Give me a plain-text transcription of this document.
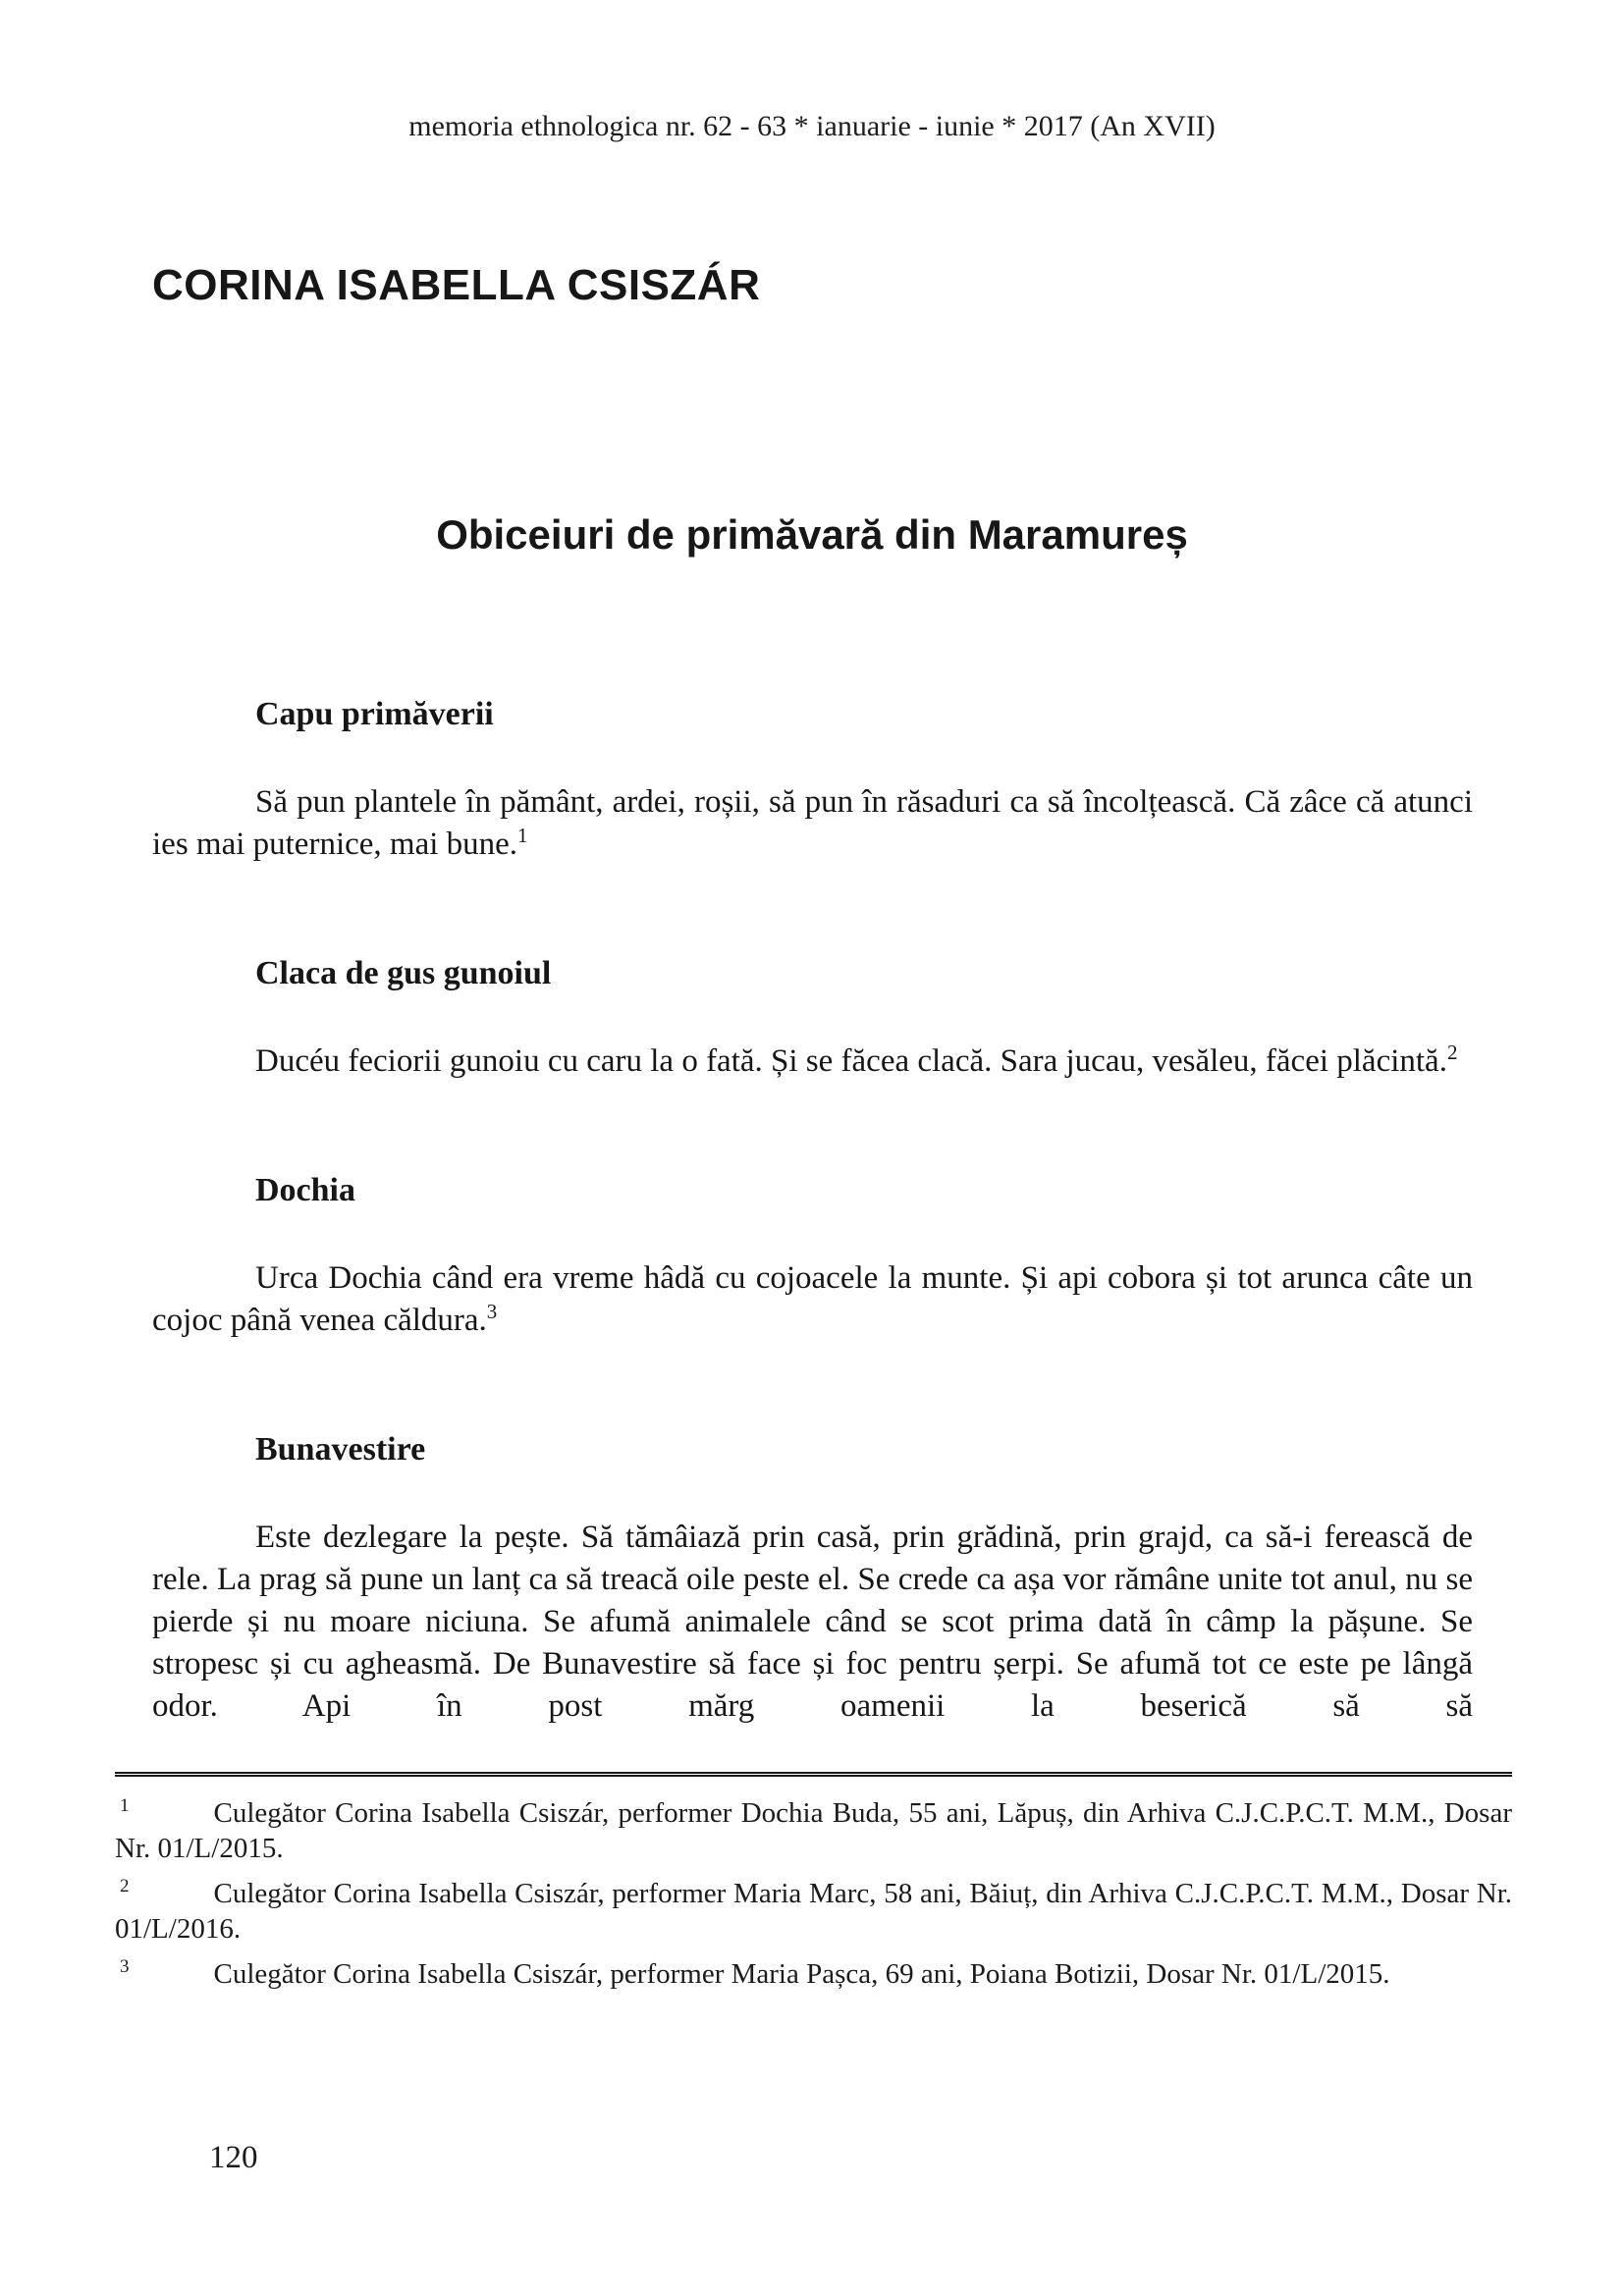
memoria ethnologica nr. 62 - 63 * ianuarie - iunie * 2017 (An XVII)
CORINA ISABELLA CSISZÁR
Obiceiuri de primăvară din Maramureș
Capu primăverii

Să pun plantele în pământ, ardei, roșii, să pun în răsaduri ca să încolțească. Că zâce că atunci ies mai puternice, mai bune.$^1$

Claca de gus gunoiul

Ducéu feciorii gunoiu cu caru la o fată. Și se făcea clacă. Sara jucau, vesăleu, făcei plăcintă.$^2$

Dochia

Urca Dochia când era vreme hâdă cu cojoacele la munte. Și api cobora și tot arunca câte un cojoc până venea căldura.$^3$

Bunavestire

Este dezlegare la pește. Să tămâiază prin casă, prin grădină, prin grajd, ca să-i ferească de rele. La prag să pune un lanț ca să treacă oile peste el. Se crede ca așa vor rămâne unite tot anul, nu se pierde și nu moare niciuna. Se afumă animalele când se scot prima dată în câmp la pășune. Se stropesc și cu agheasmă. De Bunavestire să face și foc pentru șerpi. Se afumă tot ce este pe lângă odor. Api în post mărg oamenii la beserică să să

$^1$	Culegător Corina Isabella Csiszár, performer Dochia Buda, 55 ani, Lăpuș, din Arhiva C.J.C.P.C.T. M.M., Dosar Nr. 01/L/2015.
$^2$	Culegător Corina Isabella Csiszár, performer Maria Marc, 58 ani, Băiuț, din Arhiva C.J.C.P.C.T. M.M., Dosar Nr. 01/L/2016.
$^3$	Culegător Corina Isabella Csiszár, performer Maria Pașca, 69 ani, Poiana Botizii, Dosar Nr. 01/L/2015.
120
